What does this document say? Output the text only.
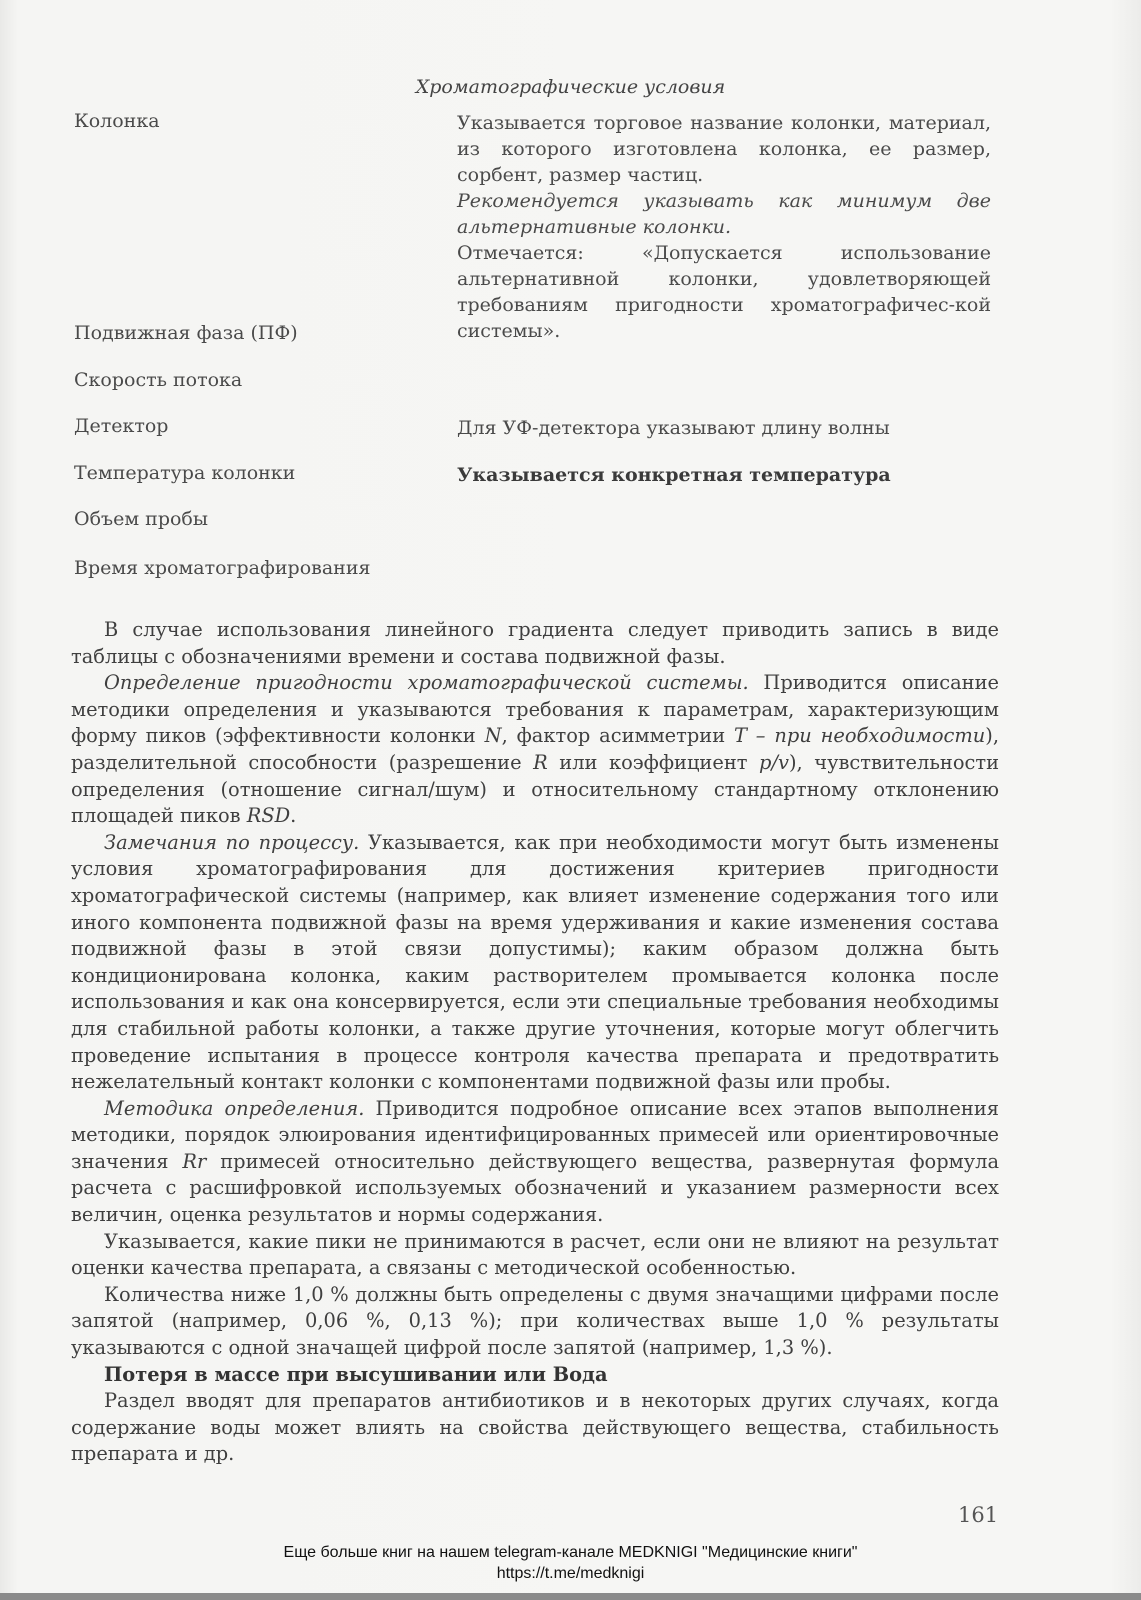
Хроматографические условия
Колонка	Указывается торговое название колонки, материал, из которого изготовлена колонка, ее размер, сорбент, размер частиц.
Рекомендуется указывать как минимум две альтернативные колонки.
Отмечается: «Допускается использование альтернативной колонки, удовлетворяющей требованиям пригодности хроматографичес-кой системы».
Подвижная фаза (ПФ)
Скорость потока
Детектор	Для УФ-детектора указывают длину волны
Температура колонки	Указывается конкретная температура
Объем пробы
Время хроматографирования

В случае использования линейного градиента следует приводить запись в виде таблицы с обозначениями времени и состава подвижной фазы.

Определение пригодности хроматографической системы. Приводится описание методики определения и указываются требования к параметрам, характеризующим форму пиков (эффективности колонки N, фактор асимметрии T – при необходимости), разделительной способности (разрешение R или коэффициент p/v), чувствительности определения (отношение сигнал/шум) и относительному стандартному отклонению площадей пиков RSD.

Замечания по процессу. Указывается, как при необходимости могут быть изменены условия хроматографирования для достижения критериев пригодности хроматографической системы (например, как влияет изменение содержания того или иного компонента подвижной фазы на время удерживания и какие изменения состава подвижной фазы в этой связи допустимы); каким образом должна быть кондиционирована колонка, каким растворителем промывается колонка после использования и как она консервируется, если эти специальные требования необходимы для стабильной работы колонки, а также другие уточнения, которые могут облегчить проведение испытания в процессе контроля качества препарата и предотвратить нежелательный контакт колонки с компонентами подвижной фазы или пробы.

Методика определения. Приводится подробное описание всех этапов выполнения методики, порядок элюирования идентифицированных примесей или ориентировочные значения Rr примесей относительно действующего вещества, развернутая формула расчета с расшифровкой используемых обозначений и указанием размерности всех величин, оценка результатов и нормы содержания.

Указывается, какие пики не принимаются в расчет, если они не влияют на результат оценки качества препарата, а связаны с методической особенностью.

Количества ниже 1,0 % должны быть определены с двумя значащими цифрами после запятой (например, 0,06 %, 0,13 %); при количествах выше 1,0 % результаты указываются с одной значащей цифрой после запятой (например, 1,3 %).

Потеря в массе при высушивании или Вода

Раздел вводят для препаратов антибиотиков и в некоторых других случаях, когда содержание воды может влиять на свойства действующего вещества, стабильность препарата и др.

161
Еще больше книг на нашем telegram-канале MEDKNIGI "Медицинские книги"
https://t.me/medknigi
